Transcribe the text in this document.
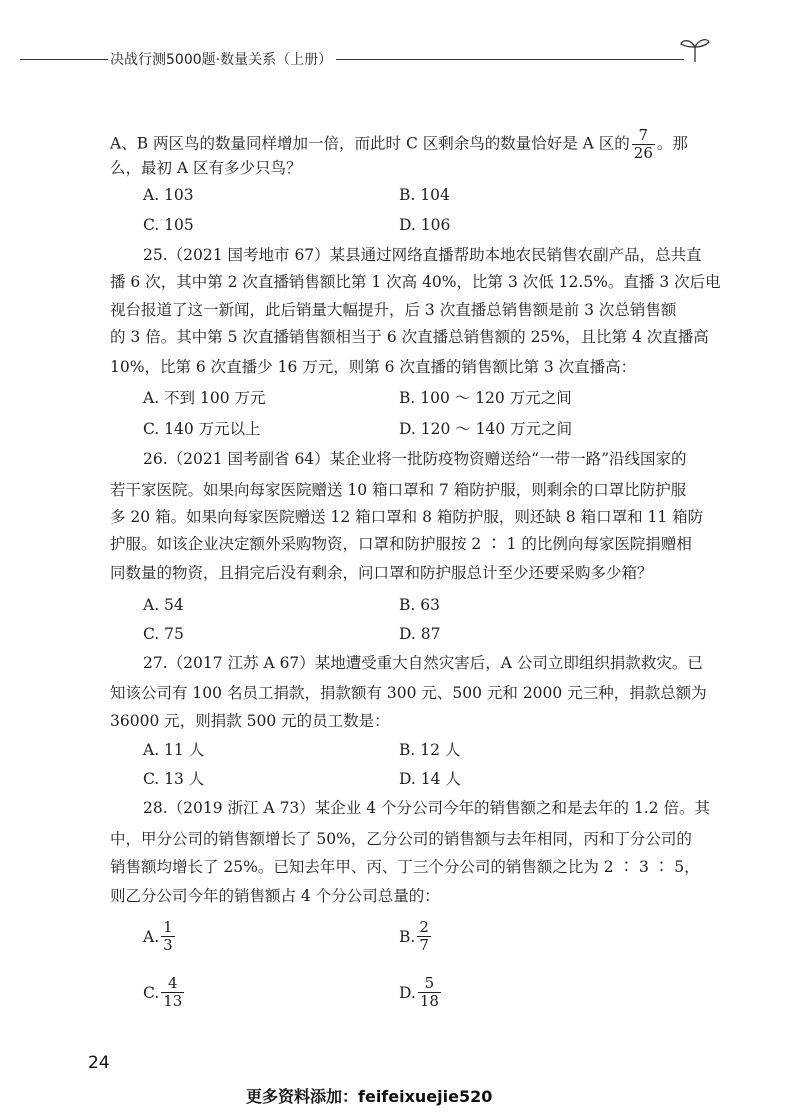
决战行测5000题·数量关系（上册）
A、B 两区鸟的数量同样增加一倍，而此时 C 区剩余鸟的数量恰好是 A 区的 $\frac{7}{26}$ 。那
么，最初 A 区有多少只鸟？
A. 103	B. 104
C. 105	D. 106
25.（2021 国考地市 67）某县通过网络直播帮助本地农民销售农副产品，总共直
播 6 次，其中第 2 次直播销售额比第 1 次高 40%，比第 3 次低 12.5%。直播 3 次后电
视台报道了这一新闻，此后销量大幅提升，后 3 次直播总销售额是前 3 次总销售额
的 3 倍。其中第 5 次直播销售额相当于 6 次直播总销售额的 25%，且比第 4 次直播高
10%，比第 6 次直播少 16 万元，则第 6 次直播的销售额比第 3 次直播高：
A. 不到 100 万元	B. 100 ～ 120 万元之间
C. 140 万元以上	D. 120 ～ 140 万元之间
26.（2021 国考副省 64）某企业将一批防疫物资赠送给“一带一路”沿线国家的
若干家医院。如果向每家医院赠送 10 箱口罩和 7 箱防护服，则剩余的口罩比防护服
多 20 箱。如果向每家医院赠送 12 箱口罩和 8 箱防护服，则还缺 8 箱口罩和 11 箱防
护服。如该企业决定额外采购物资，口罩和防护服按 2 ∶ 1 的比例向每家医院捐赠相
同数量的物资，且捐完后没有剩余，问口罩和防护服总计至少还要采购多少箱？
A. 54	B. 63
C. 75	D. 87
27.（2017 江苏 A 67）某地遭受重大自然灾害后，A 公司立即组织捐款救灾。已
知该公司有 100 名员工捐款，捐款额有 300 元、500 元和 2000 元三种，捐款总额为
36000 元，则捐款 500 元的员工数是：
A. 11 人	B. 12 人
C. 13 人	D. 14 人
28.（2019 浙江 A 73）某企业 4 个分公司今年的销售额之和是去年的 1.2 倍。其
中，甲分公司的销售额增长了 50%，乙分公司的销售额与去年相同，丙和丁分公司的
销售额均增长了 25%。已知去年甲、丙、丁三个分公司的销售额之比为 2 ∶ 3 ∶ 5，
则乙分公司今年的销售额占 4 个分公司总量的：
A. $\frac{1}{3}$	B. $\frac{2}{7}$
C. $\frac{4}{13}$	D. $\frac{5}{18}$
24
更多资料添加：feifeixuejie520
